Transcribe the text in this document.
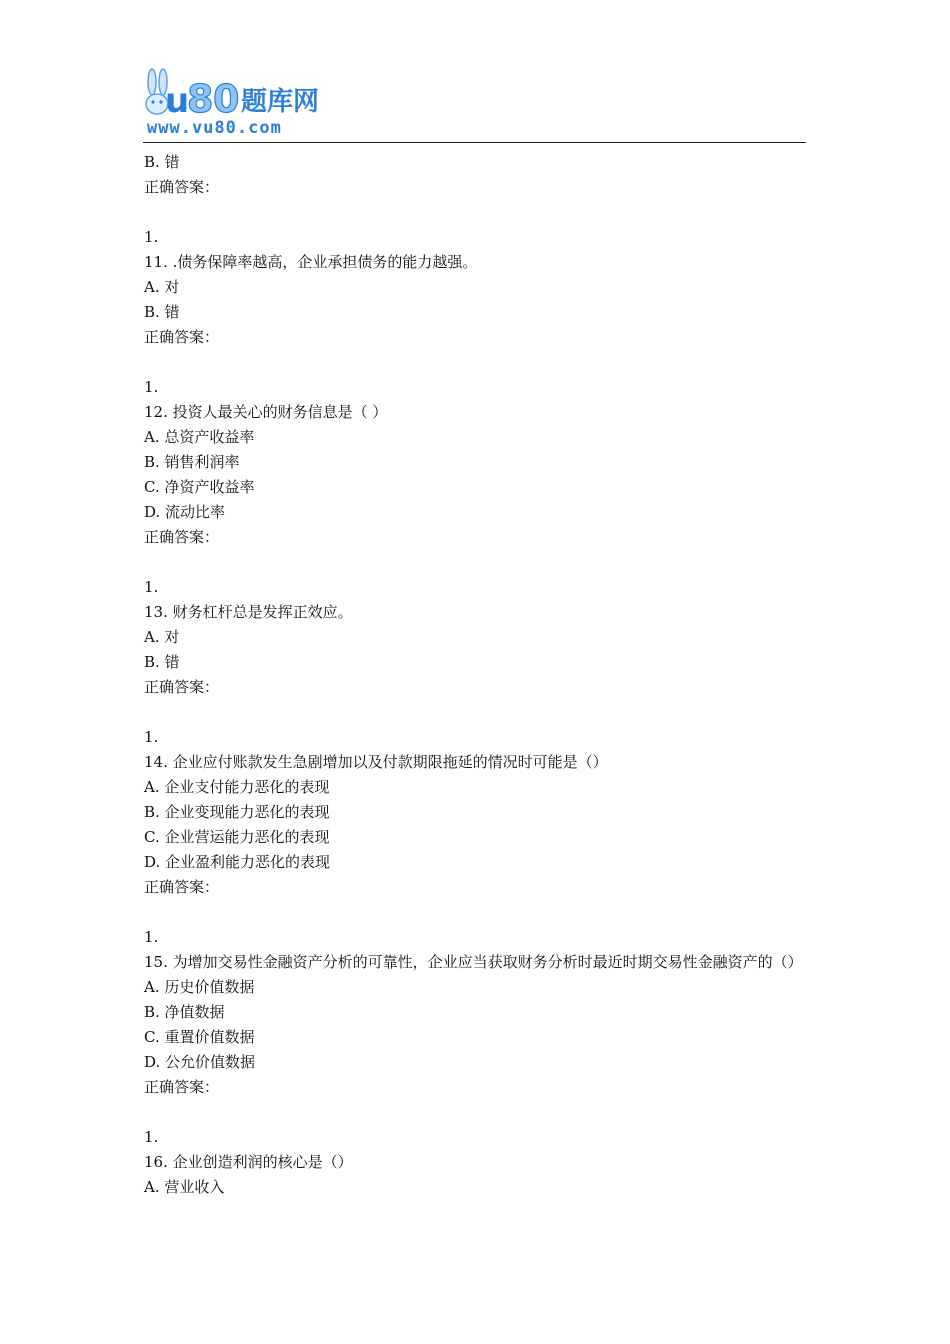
u
8 0 题库网
www.vu80.com
B. 错
正确答案：
1.
11. .债务保障率越高，企业承担债务的能力越强。
A. 对
B. 错
正确答案：
1.
12. 投资人最关心的财务信息是（ ）
A. 总资产收益率
B. 销售利润率
C. 净资产收益率
D. 流动比率
正确答案：
1.
13. 财务杠杆总是发挥正效应。
A. 对
B. 错
正确答案：
1.
14. 企业应付账款发生急剧增加以及付款期限拖延的情况时可能是（）
A. 企业支付能力恶化的表现
B. 企业变现能力恶化的表现
C. 企业营运能力恶化的表现
D. 企业盈利能力恶化的表现
正确答案：
1.
15. 为增加交易性金融资产分析的可靠性，企业应当获取财务分析时最近时期交易性金融资产的（）
A. 历史价值数据
B. 净值数据
C. 重置价值数据
D. 公允价值数据
正确答案：
1.
16. 企业创造利润的核心是（）
A. 营业收入
